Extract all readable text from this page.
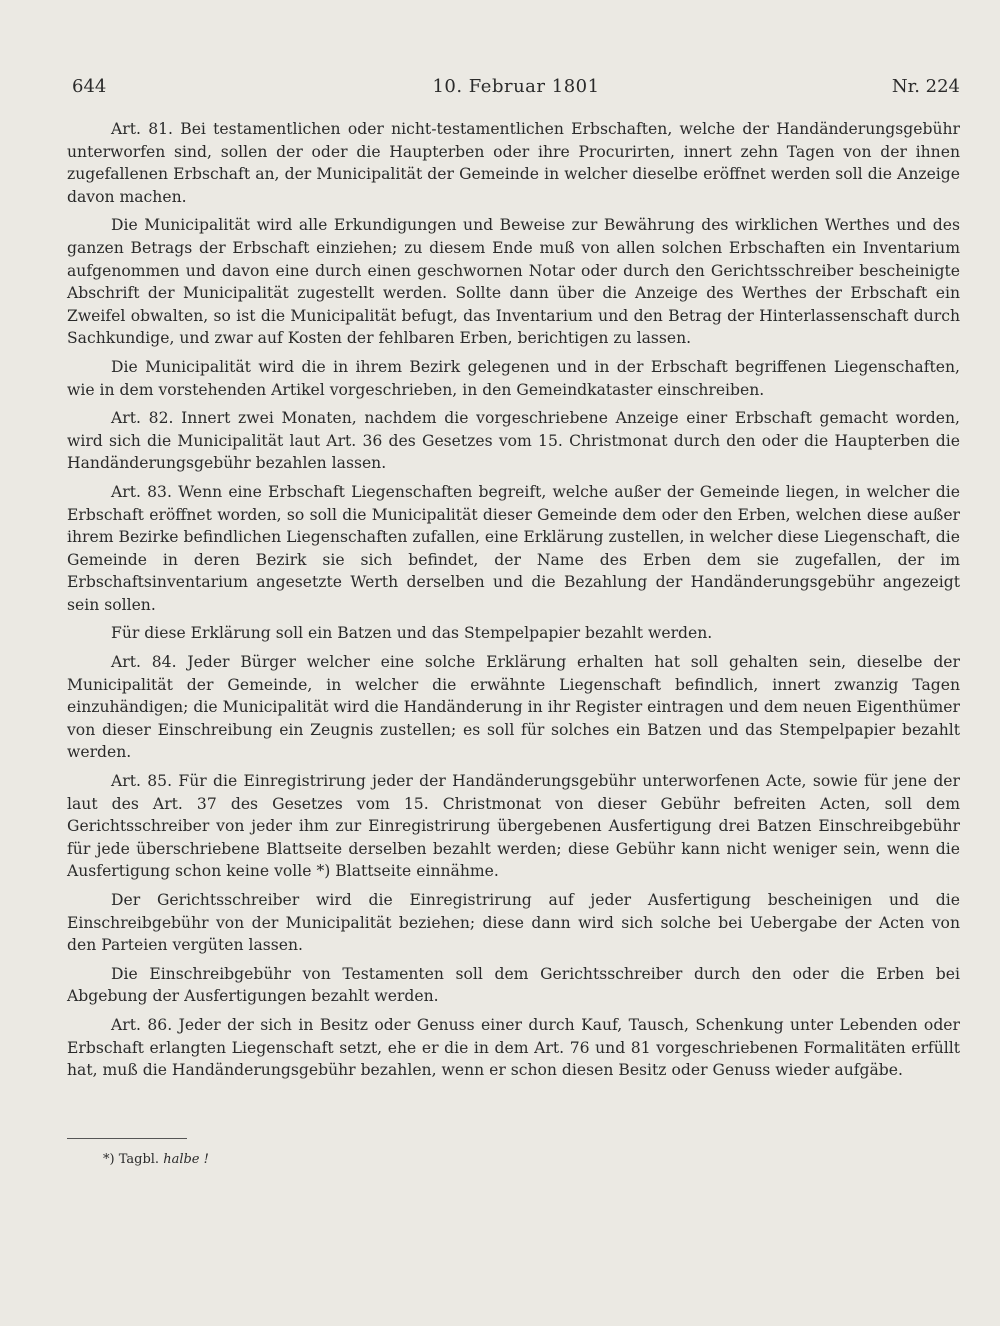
644	10. Februar 1801	Nr. 224

Art. 81. Bei testamentlichen oder nicht-testamentlichen Erbschaften, welche der Handänderungsgebühr unterworfen sind, sollen der oder die Haupterben oder ihre Procurirten, innert zehn Tagen von der ihnen zugefallenen Erbschaft an, der Municipalität der Gemeinde in welcher dieselbe eröffnet werden soll die Anzeige davon machen.

Die Municipalität wird alle Erkundigungen und Beweise zur Bewährung des wirklichen Werthes und des ganzen Betrags der Erbschaft einziehen; zu diesem Ende muß von allen solchen Erbschaften ein Inventarium aufgenommen und davon eine durch einen geschwornen Notar oder durch den Gerichtsschreiber bescheinigte Abschrift der Municipalität zugestellt werden. Sollte dann über die Anzeige des Werthes der Erbschaft ein Zweifel obwalten, so ist die Municipalität befugt, das Inventarium und den Betrag der Hinterlassenschaft durch Sachkundige, und zwar auf Kosten der fehlbaren Erben, berichtigen zu lassen.

Die Municipalität wird die in ihrem Bezirk gelegenen und in der Erbschaft begriffenen Liegenschaften, wie in dem vorstehenden Artikel vorgeschrieben, in den Gemeindkataster einschreiben.

Art. 82. Innert zwei Monaten, nachdem die vorgeschriebene Anzeige einer Erbschaft gemacht worden, wird sich die Municipalität laut Art. 36 des Gesetzes vom 15. Christmonat durch den oder die Haupterben die Handänderungsgebühr bezahlen lassen.

Art. 83. Wenn eine Erbschaft Liegenschaften begreift, welche außer der Gemeinde liegen, in welcher die Erbschaft eröffnet worden, so soll die Municipalität dieser Gemeinde dem oder den Erben, welchen diese außer ihrem Bezirke befindlichen Liegenschaften zufallen, eine Erklärung zustellen, in welcher diese Liegenschaft, die Gemeinde in deren Bezirk sie sich befindet, der Name des Erben dem sie zugefallen, der im Erbschaftsinventarium angesetzte Werth derselben und die Bezahlung der Handänderungsgebühr angezeigt sein sollen.

Für diese Erklärung soll ein Batzen und das Stempelpapier bezahlt werden.

Art. 84. Jeder Bürger welcher eine solche Erklärung erhalten hat soll gehalten sein, dieselbe der Municipalität der Gemeinde, in welcher die erwähnte Liegenschaft befindlich, innert zwanzig Tagen einzuhändigen; die Municipalität wird die Handänderung in ihr Register eintragen und dem neuen Eigenthümer von dieser Einschreibung ein Zeugnis zustellen; es soll für solches ein Batzen und das Stempelpapier bezahlt werden.

Art. 85. Für die Einregistrirung jeder der Handänderungsgebühr unterworfenen Acte, sowie für jene der laut des Art. 37 des Gesetzes vom 15. Christmonat von dieser Gebühr befreiten Acten, soll dem Gerichtsschreiber von jeder ihm zur Einregistrirung übergebenen Ausfertigung drei Batzen Einschreibgebühr für jede überschriebene Blattseite derselben bezahlt werden; diese Gebühr kann nicht weniger sein, wenn die Ausfertigung schon keine volle *) Blattseite einnähme.

Der Gerichtsschreiber wird die Einregistrirung auf jeder Ausfertigung bescheinigen und die Einschreibgebühr von der Municipalität beziehen; diese dann wird sich solche bei Uebergabe der Acten von den Parteien vergüten lassen.

Die Einschreibgebühr von Testamenten soll dem Gerichtsschreiber durch den oder die Erben bei Abgebung der Ausfertigungen bezahlt werden.

Art. 86. Jeder der sich in Besitz oder Genuss einer durch Kauf, Tausch, Schenkung unter Lebenden oder Erbschaft erlangten Liegenschaft setzt, ehe er die in dem Art. 76 und 81 vorgeschriebenen Formalitäten erfüllt hat, muß die Handänderungsgebühr bezahlen, wenn er schon diesen Besitz oder Genuss wieder aufgäbe.

*) Tagbl. halbe !
